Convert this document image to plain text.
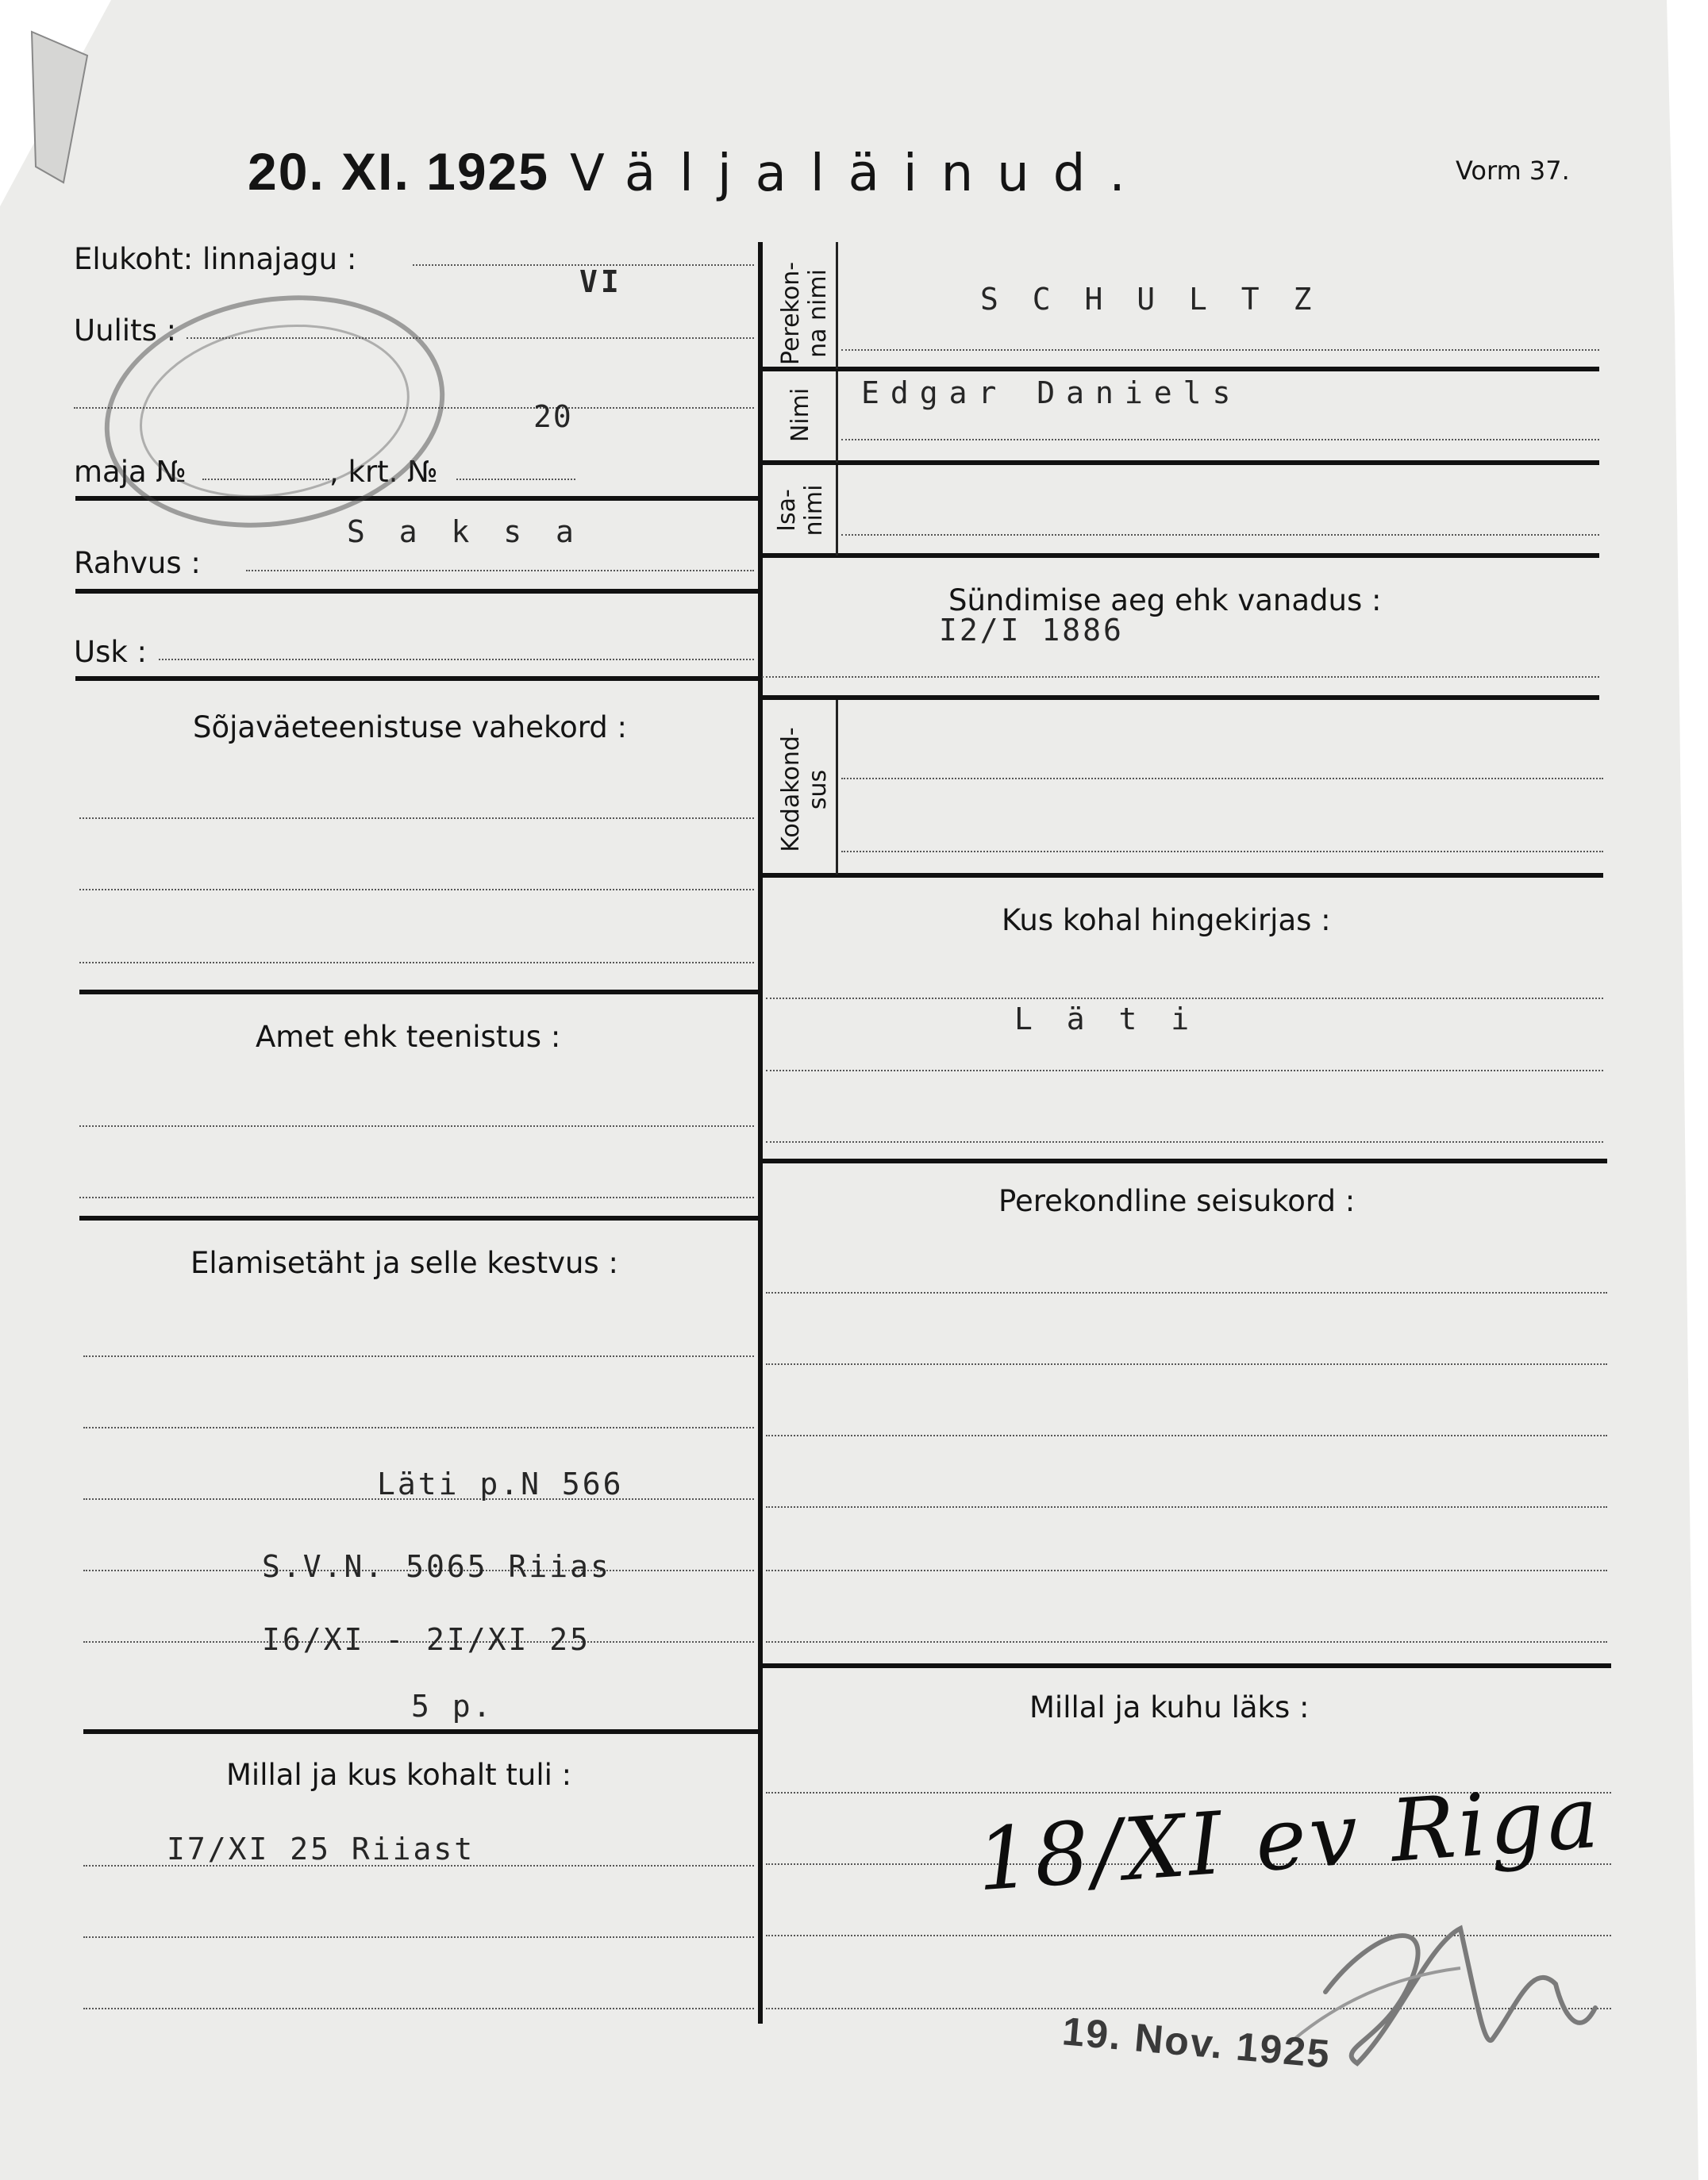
20. XI. 1925 Väljaläinud.	Vorm 37.
Elukoht: linnajagu :
VI
Uulits :
20
maja №	, krt. №
S a k s a
Rahvus :
Usk :
Sõjaväeteenistuse vahekord :
Amet ehk teenistus :
Elamisetäht ja selle kestvus :
Läti p.N 566
S.V.N. 5065 Riias
I6/XI - 2I/XI 25
5 p.
Millal ja kus kohalt tuli :
I7/XI 25 Riiast
Perekon- na nimi	S C H U L T Z
Nimi Edgar Daniels
Isa- nimi
Sündimise aeg ehk vanadus :
I2/I 1886
Kodakond- sus
Kus kohal hingekirjas :
L ä t i
Perekondline seisukord :
Millal ja kuhu läks :
18/XI ev Riga
19. Nov. 1925
